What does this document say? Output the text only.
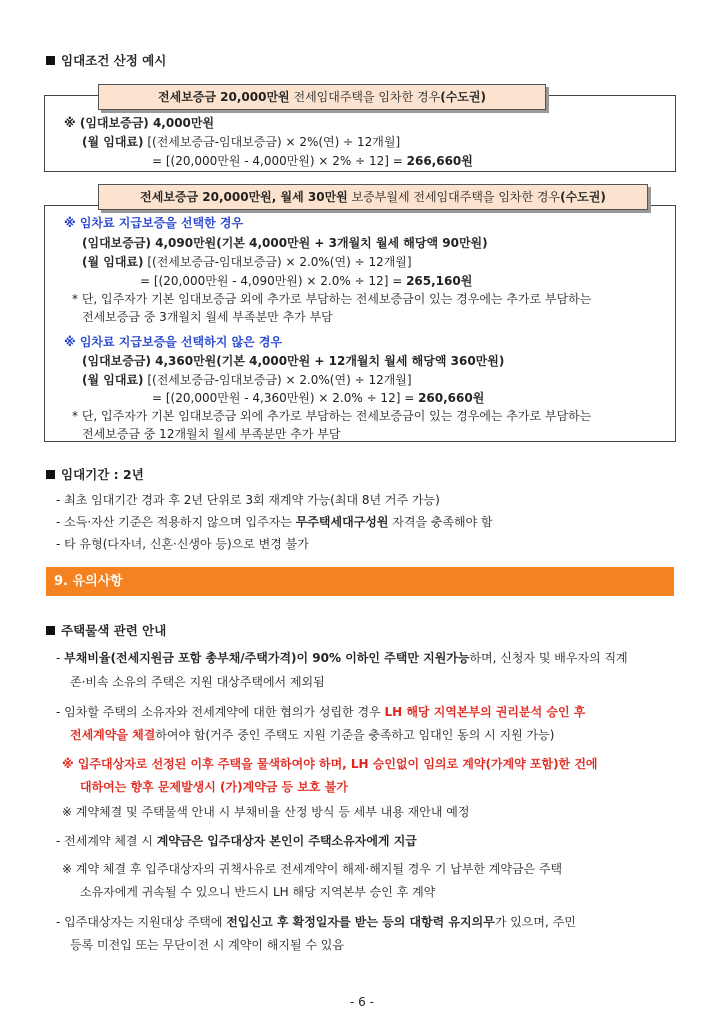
임대조건 산정 예시
전세보증금 20,000만원 전세임대주택을 임차한 경우(수도권)
※ (임대보증금) 4,000만원
(월 임대료) [(전세보증금-임대보증금) × 2%(연) ÷ 12개월]
= [(20,000만원 - 4,000만원) × 2% ÷ 12] = 266,660원
전세보증금 20,000만원, 월세 30만원 보증부월세 전세임대주택을 임차한 경우(수도권)
※ 임차료 지급보증을 선택한 경우
(임대보증금) 4,090만원(기본 4,000만원 + 3개월치 월세 해당액 90만원)
(월 임대료) [(전세보증금-임대보증금) × 2.0%(연) ÷ 12개월]
= [(20,000만원 - 4,090만원) × 2.0% ÷ 12] = 265,160원
* 단, 입주자가 기본 임대보증금 외에 추가로 부담하는 전세보증금이 있는 경우에는 추가로 부담하는
전세보증금 중 3개월치 월세 부족분만 추가 부담
※ 임차료 지급보증을 선택하지 않은 경우
(임대보증금) 4,360만원(기본 4,000만원 + 12개월치 월세 해당액 360만원)
(월 임대료) [(전세보증금-임대보증금) × 2.0%(연) ÷ 12개월]
= [(20,000만원 - 4,360만원) × 2.0% ÷ 12] = 260,660원
* 단, 입주자가 기본 임대보증금 외에 추가로 부담하는 전세보증금이 있는 경우에는 추가로 부담하는
전세보증금 중 12개월치 월세 부족분만 추가 부담
임대기간 : 2년
- 최초 임대기간 경과 후 2년 단위로 3회 재계약 가능(최대 8년 거주 가능)
- 소득·자산 기준은 적용하지 않으며 입주자는 무주택세대구성원 자격을 충족해야 함
- 타 유형(다자녀, 신혼·신생아 등)으로 변경 불가
9. 유의사항
주택물색 관련 안내
- 부채비율(전세지원금 포함 총부채/주택가격)이 90% 이하인 주택만 지원가능하며, 신청자 및 배우자의 직계
존·비속 소유의 주택은 지원 대상주택에서 제외됨
- 임차할 주택의 소유자와 전세계약에 대한 협의가 성립한 경우 LH 해당 지역본부의 권리분석 승인 후
전세계약을 체결하여야 함(거주 중인 주택도 지원 기준을 충족하고 임대인 동의 시 지원 가능)
※ 입주대상자로 선정된 이후 주택을 물색하여야 하며, LH 승인없이 임의로 계약(가계약 포함)한 건에
대하여는 향후 문제발생시 (가)계약금 등 보호 불가
※ 계약체결 및 주택물색 안내 시 부채비율 산정 방식 등 세부 내용 재안내 예정
- 전세계약 체결 시 계약금은 입주대상자 본인이 주택소유자에게 지급
※ 계약 체결 후 입주대상자의 귀책사유로 전세계약이 해제·해지될 경우 기 납부한 계약금은 주택
소유자에게 귀속될 수 있으니 반드시 LH 해당 지역본부 승인 후 계약
- 입주대상자는 지원대상 주택에 전입신고 후 확정일자를 받는 등의 대항력 유지의무가 있으며, 주민
등록 미전입 또는 무단이전 시 계약이 해지될 수 있음
- 6 -
